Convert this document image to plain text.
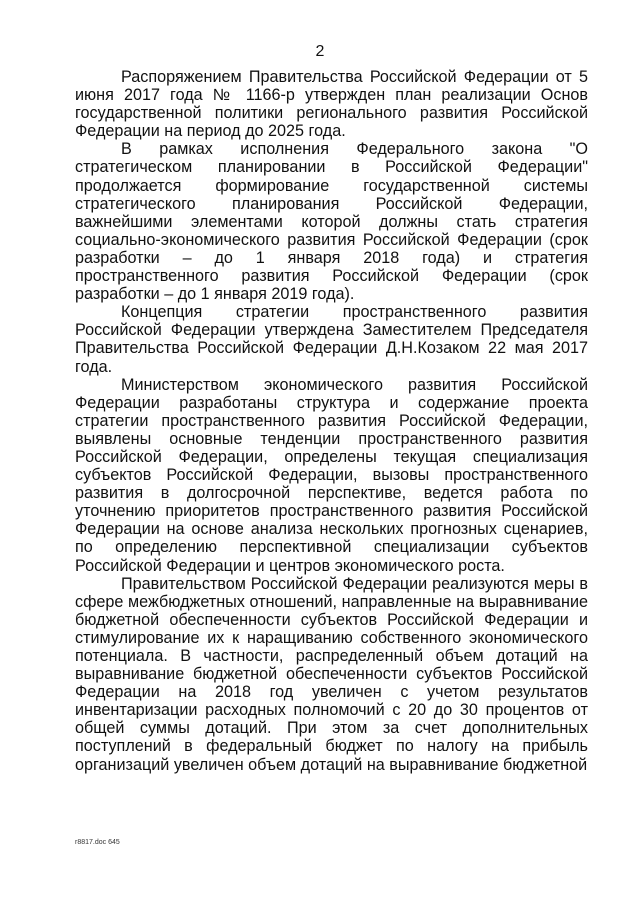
2

Распоряжением Правительства Российской Федерации от 5 июня 2017 года № 1166-р утвержден план реализации Основ государственной политики регионального развития Российской Федерации на период до 2025 года.

В рамках исполнения Федерального закона "О стратегическом планировании в Российской Федерации" продолжается формирование государственной системы стратегического планирования Российской Федерации, важнейшими элементами которой должны стать стратегия социально-экономического развития Российской Федерации (срок разработки – до 1 января 2018 года) и стратегия пространственного развития Российской Федерации (срок разработки – до 1 января 2019 года).

Концепция стратегии пространственного развития Российской Федерации утверждена Заместителем Председателя Правительства Российской Федерации Д.Н.Козаком 22 мая 2017 года.

Министерством экономического развития Российской Федерации разработаны структура и содержание проекта стратегии пространственного развития Российской Федерации, выявлены основные тенденции пространственного развития Российской Федерации, определены текущая специализация субъектов Российской Федерации, вызовы пространственного развития в долгосрочной перспективе, ведется работа по уточнению приоритетов пространственного развития Российской Федерации на основе анализа нескольких прогнозных сценариев, по определению перспективной специализации субъектов Российской Федерации и центров экономического роста.

Правительством Российской Федерации реализуются меры в сфере межбюджетных отношений, направленные на выравнивание бюджетной обеспеченности субъектов Российской Федерации и стимулирование их к наращиванию собственного экономического потенциала. В частности, распределенный объем дотаций на выравнивание бюджетной обеспеченности субъектов Российской Федерации на 2018 год увеличен с учетом результатов инвентаризации расходных полномочий с 20 до 30 процентов от общей суммы дотаций. При этом за счет дополнительных поступлений в федеральный бюджет по налогу на прибыль организаций увеличен объем дотаций на выравнивание бюджетной

r8817.doc 645
